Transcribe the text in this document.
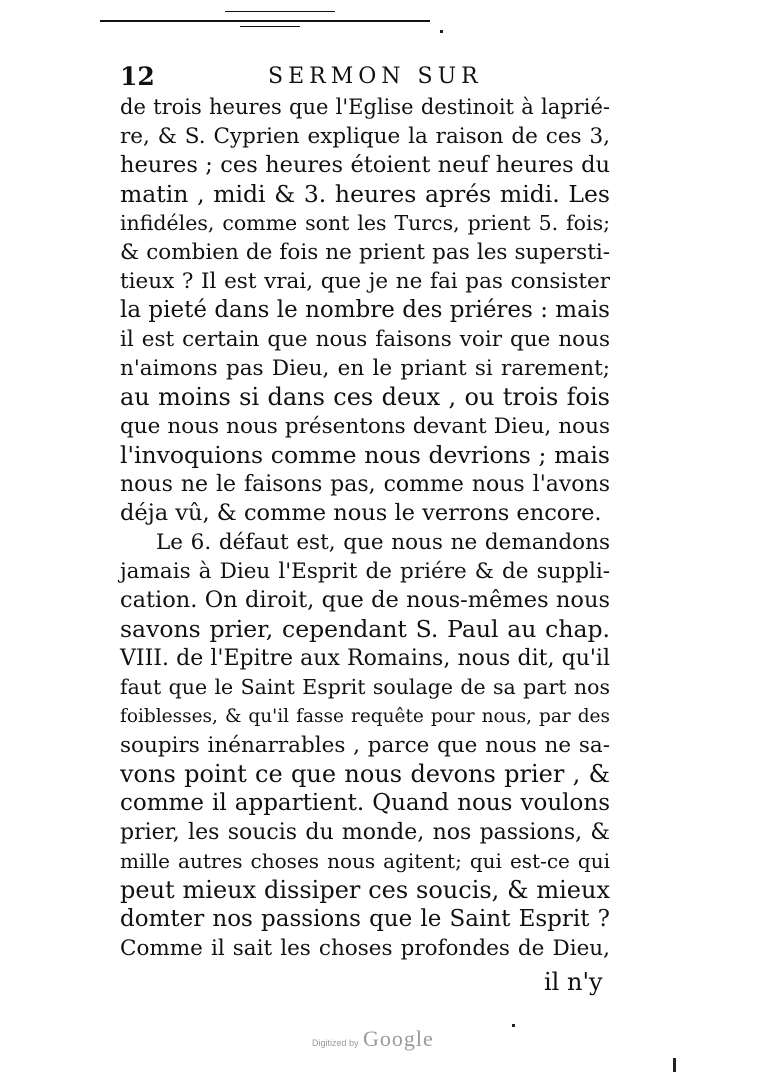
12	SERMON SUR
de trois heures que l'Eglise destinoit à laprié-
re, & S. Cyprien explique la raison de ces 3,
heures ; ces heures étoient neuf heures du
matin , midi & 3. heures aprés midi. Les
infidéles, comme sont les Turcs, prient 5. fois;
& combien de fois ne prient pas les supersti-
tieux ? Il est vrai, que je ne fai pas consister
la pieté dans le nombre des priéres : mais
il est certain que nous faisons voir que nous
n'aimons pas Dieu, en le priant si rarement;
au moins si dans ces deux , ou trois fois
que nous nous présentons devant Dieu, nous
l'invoquions comme nous devrions ; mais
nous ne le faisons pas, comme nous l'avons
déja vû, & comme nous le verrons encore.
Le 6. défaut est, que nous ne demandons
jamais à Dieu l'Esprit de priére & de suppli-
cation. On diroit, que de nous-mêmes nous
savons prier, cependant S. Paul au chap.
VIII. de l'Epitre aux Romains, nous dit, qu'il
faut que le Saint Esprit soulage de sa part nos
foiblesses, & qu'il fasse requête pour nous, par des
soupirs inénarrables , parce que nous ne sa-
vons point ce que nous devons prier , &
comme il appartient. Quand nous voulons
prier, les soucis du monde, nos passions, &
mille autres choses nous agitent; qui est-ce qui
peut mieux dissiper ces soucis, & mieux
domter nos passions que le Saint Esprit ?
Comme il sait les choses profondes de Dieu,
il n'y
Digitized by Google
